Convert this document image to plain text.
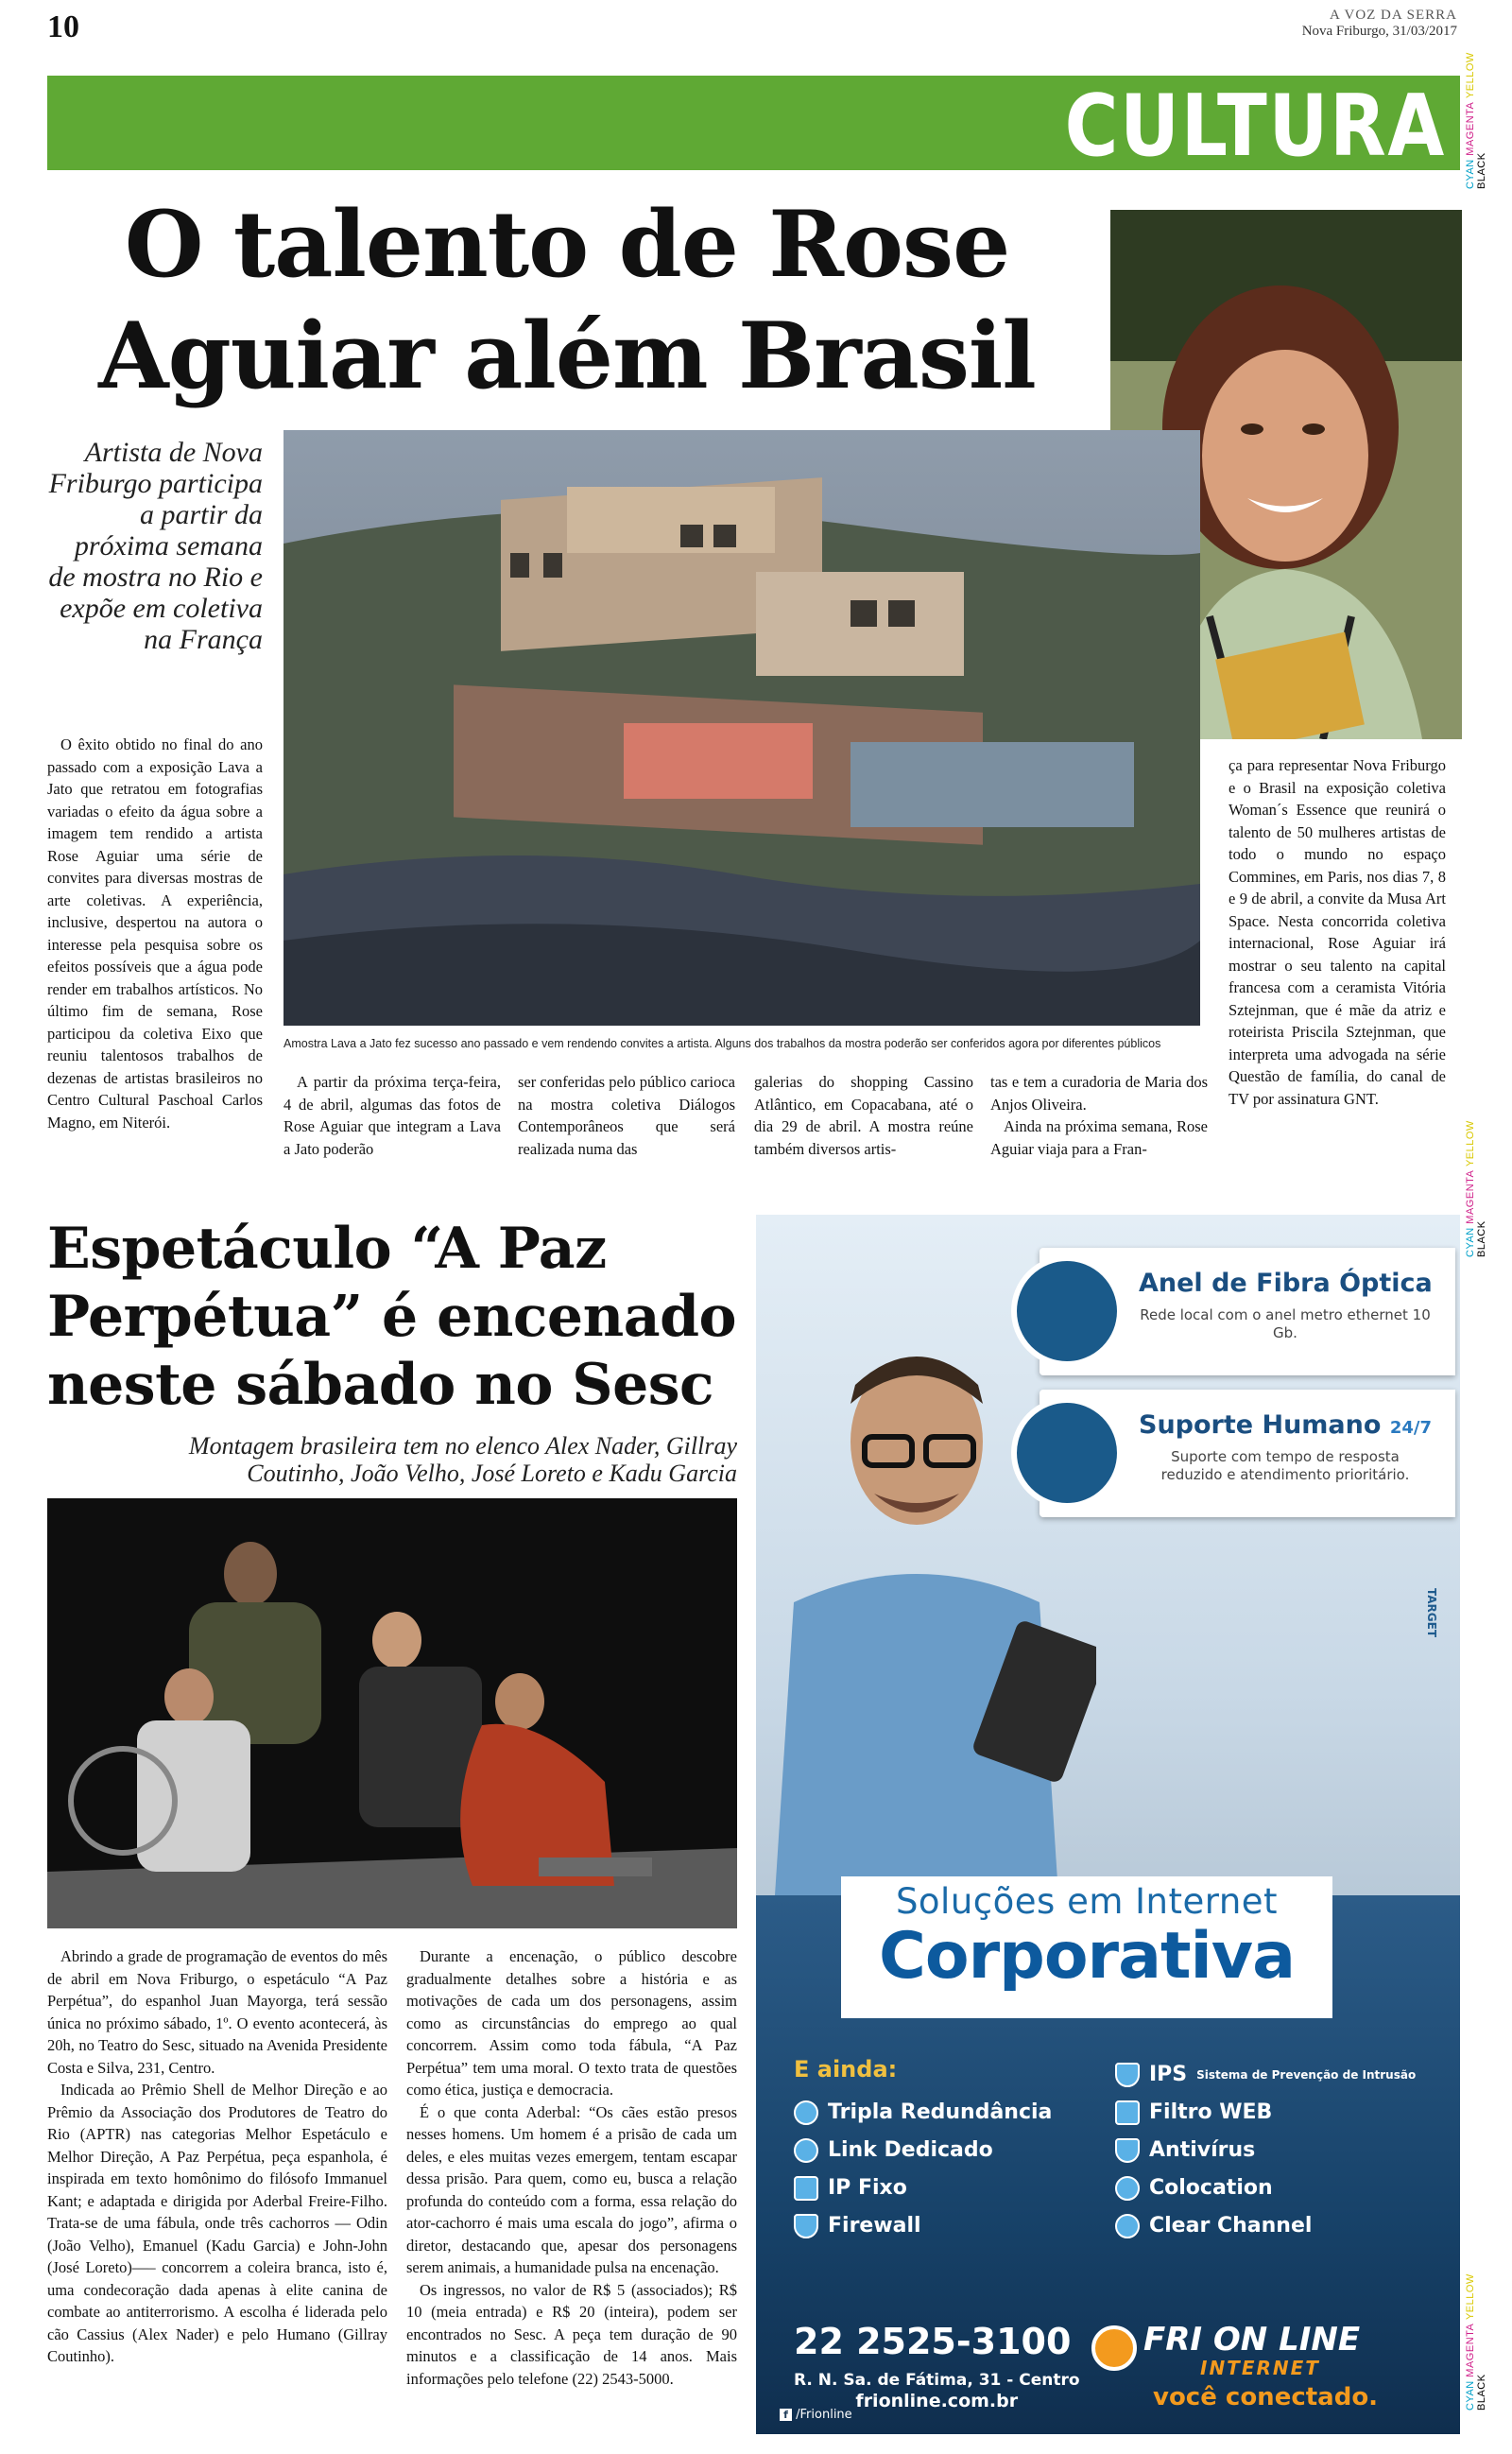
10	A VOZ DA SERRA
Nova Friburgo, 31/03/2017
CYAN MAGENTA YELLOW BLACK
CYAN MAGENTA YELLOW BLACK
CYAN MAGENTA YELLOW BLACK
CULTURA
O talento de Rose
Aguiar além Brasil
Artista de Nova Friburgo participa a partir da próxima semana de mostra no Rio e expõe em coletiva na França
Amostra Lava a Jato fez sucesso ano passado e vem rendendo convites a artista. Alguns dos trabalhos da mostra poderão ser conferidos agora por diferentes públicos

O êxito obtido no final do ano passado com a exposição Lava a Jato que retratou em fotografias variadas o efeito da água sobre a imagem tem rendido a artista Rose Aguiar uma série de convites para diversas mostras de arte coletivas. A experiência, inclusive, despertou na autora o interesse pela pesquisa sobre os efeitos possíveis que a água pode render em trabalhos artísticos. No último fim de semana, Rose participou da coletiva Eixo que reuniu talentosos trabalhos de dezenas de artistas brasileiros no Centro Cultural Paschoal Carlos Magno, em Niterói.

A partir da próxima terça-feira, 4 de abril, algumas das fotos de Rose Aguiar que integram a Lava a Jato poderão

ser conferidas pelo público carioca na mostra coletiva Diálogos Contemporâneos que será realizada numa das

galerias do shopping Cassino Atlântico, em Copacabana, até o dia 29 de abril. A mostra reúne também diversos artis-

tas e tem a curadoria de Maria dos Anjos Oliveira.

Ainda na próxima semana, Rose Aguiar viaja para a Fran-

ça para representar Nova Friburgo e o Brasil na exposição coletiva Woman´s Essence que reunirá o talento de 50 mulheres artistas de todo o mundo no espaço Commines, em Paris, nos dias 7, 8 e 9 de abril, a convite da Musa Art Space. Nesta concorrida coletiva internacional, Rose Aguiar irá mostrar o seu talento na capital francesa com a ceramista Vitória Sztejnman, que é mãe da atriz e roteirista Priscila Sztejnman, que interpreta uma advogada na série Questão de família, do canal de TV por assinatura GNT.

Espetáculo “A Paz
Perpétua” é encenado
neste sábado no Sesc
Montagem brasileira tem no elenco Alex Nader, Gillray Coutinho, João Velho, José Loreto e Kadu Garcia

Abrindo a grade de programação de eventos do mês de abril em Nova Friburgo, o espetáculo “A Paz Perpétua”, do espanhol Juan Mayorga, terá sessão única no próximo sábado, 1º. O evento acontecerá, às 20h, no Teatro do Sesc, situado na Avenida Presidente Costa e Silva, 231, Centro.

Indicada ao Prêmio Shell de Melhor Direção e ao Prêmio da Associação dos Produtores de Teatro do Rio (APTR) nas categorias Melhor Espetáculo e Melhor Direção, A Paz Perpétua, peça espanhola, é inspirada em texto homônimo do filósofo Immanuel Kant; e adaptada e dirigida por Aderbal Freire-Filho. Trata-se de uma fábula, onde três cachorros — Odin (João Velho), Emanuel (Kadu Garcia) e John-John (José Loreto)—– concorrem a coleira branca, isto é, uma condecoração dada apenas à elite canina de combate ao antiterrorismo. A escolha é liderada pelo cão Cassius (Alex Nader) e pelo Humano (Gillray Coutinho).

Durante a encenação, o público descobre gradualmente detalhes sobre a história e as motivações de cada um dos personagens, assim como as circunstâncias do emprego ao qual concorrem. Assim como toda fábula, “A Paz Perpétua” tem uma moral. O texto trata de questões como ética, justiça e democracia.

É o que conta Aderbal: “Os cães estão presos nesses homens. Um homem é a prisão de cada um deles, e eles muitas vezes emergem, tentam escapar dessa prisão. Para quem, como eu, busca a relação profunda do conteúdo com a forma, essa relação do ator-cachorro é mais uma escala do jogo”, afirma o diretor, destacando que, apesar dos personagens serem animais, a humanidade pulsa na encenação.

Os ingressos, no valor de R$ 5 (associados); R$ 10 (meia entrada) e R$ 20 (inteira), podem ser encontrados no Sesc. A peça tem duração de 90 minutos e a classificação de 14 anos. Mais informações pelo telefone (22) 2543-5000.

Anel de Fibra Óptica
Rede local com o anel metro ethernet 10 Gb.
Suporte Humano 24/7
Suporte com tempo de resposta reduzido e atendimento prioritário.
TARGET
Soluções em Internet
Corporativa
E ainda:
Tripla Redundância
Link Dedicado
IP Fixo
Firewall
IPS Sistema de Prevenção de Intrusão
Filtro WEB
Antivírus
Colocation
Clear Channel
22 2525-3100
R. N. Sa. de Fátima, 31 - Centro
frionline.com.br
f /Frionline
FRI ON LINE
INTERNET
você conectado.
